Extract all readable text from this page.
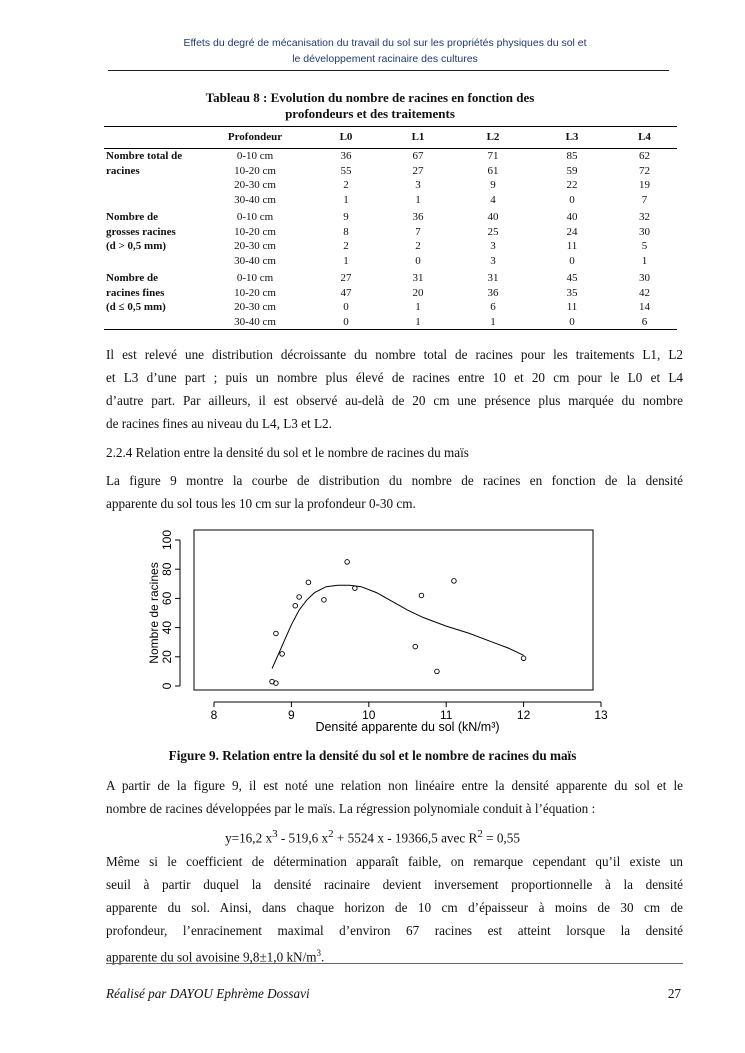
Effets du degré de mécanisation du travail du sol sur les propriétés physiques du sol et
le développement racinaire des cultures
Tableau 8 : Evolution du nombre de racines en fonction des
profondeurs et des traitements
	Profondeur	L0	L1	L2	L3	L4
Nombre total de	0-10 cm	36	67	71	85	62
racines	10-20 cm	55	27	61	59	72
	20-30 cm	2	3	9	22	19
	30-40 cm	1	1	4	0	7
Nombre de	0-10 cm	9	36	40	40	32
grosses racines	10-20 cm	8	7	25	24	30
(d > 0,5 mm)	20-30 cm	2	2	3	11	5
	30-40 cm	1	0	3	0	1
Nombre de	0-10 cm	27	31	31	45	30
racines fines	10-20 cm	47	20	36	35	42
(d ≤ 0,5 mm)	20-30 cm	0	1	6	11	14
	30-40 cm	0	1	1	0	6
Il est relevé une distribution décroissante du nombre total de racines pour les traitements L1, L2
et L3 d’une part ; puis un nombre plus élevé de racines entre 10 et 20 cm pour le L0 et L4
d’autre part. Par ailleurs, il est observé au-delà de 20 cm une présence plus marquée du nombre
de racines fines au niveau du L4, L3 et L2.
2.2.4 Relation entre la densité du sol et le nombre de racines du maïs
La figure 9 montre la courbe de distribution du nombre de racines en fonction de la densité
apparente du sol tous les 10 cm sur la profondeur 0-30 cm.
8	9	10	11	12	13
Densité apparente du sol (kN/m³)
0
20
40
60
80
100
Nombre de racines
Figure 9. Relation entre la densité du sol et le nombre de racines du maïs
A partir de la figure 9, il est noté une relation non linéaire entre la densité apparente du sol et le
nombre de racines développées par le maïs. La régression polynomiale conduit à l’équation :
y=16,2 $x^3 - 519,6$ $x^2 + 5524$ x - 19366,5 avec $R^2 = 0,55$
Même si le coefficient de détermination apparaît faible, on remarque cependant qu’il existe un
seuil à partir duquel la densité racinaire devient inversement proportionnelle à la densité
apparente du sol. Ainsi, dans chaque horizon de 10 cm d’épaisseur à moins de 30 cm de
profondeur, l’enracinement maximal d’environ 67 racines est atteint lorsque la densité
apparente du sol avoisine 9,8±1,0 $kN/m^3$.
Réalisé par DAYOU Ephrème Dossavi	27
